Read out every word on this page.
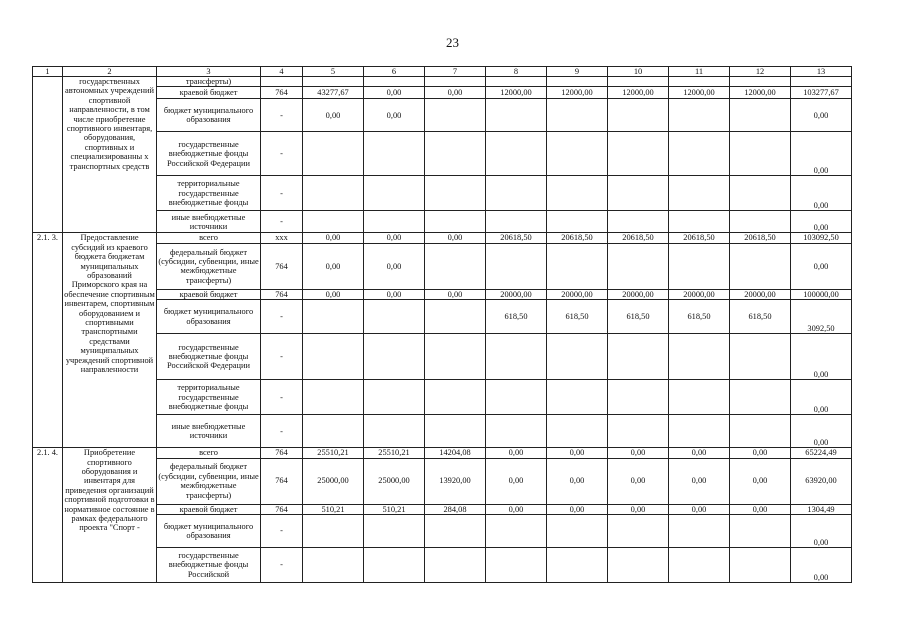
23
1	2	3	4	5	6	7	8	9	10	11	12	13
	государственных автономных учреждений спортивной направленности, в том числе приобретение спортивного инвентаря, оборудования, спортивных и специализированны х транспортных средств	трансферты)										
		краевой бюджет	764	43277,67	0,00	0,00	12000,00	12000,00	12000,00	12000,00	12000,00	103277,67
		бюджет муниципального образования	-	0,00	0,00							0,00
		государственные внебюджетные фонды Российской Федерации	-									0,00
		территориальные государственные внебюджетные фонды	-									0,00
		иные внебюджетные источники	-									0,00
2.1. 3.	Предоставление субсидий из краевого бюджета бюджетам муниципальных образований Приморского края на обеспечение спортивным инвентарем, спортивным оборудованием и спортивными транспортными средствами муниципальных учреждений спортивной направленности	всего	xxx	0,00	0,00	0,00	20618,50	20618,50	20618,50	20618,50	20618,50	103092,50
		федеральный бюджет (субсидии, субвенции, иные межбюджетные трансферты)	764	0,00	0,00							0,00
		краевой бюджет	764	0,00	0,00	0,00	20000,00	20000,00	20000,00	20000,00	20000,00	100000,00
		бюджет муниципального образования	-				618,50	618,50	618,50	618,50	618,50	3092,50
		государственные внебюджетные фонды Российской Федерации	-									0,00
		территориальные государственные внебюджетные фонды	-									0,00
		иные внебюджетные источники	-									0,00
2.1. 4.	Приобретение спортивного оборудования и инвентаря для приведения организаций спортивной подготовки в нормативное состояние в рамках федерального проекта "Спорт -	всего	764	25510,21	25510,21	14204,08	0,00	0,00	0,00	0,00	0,00	65224,49
		федеральный бюджет (субсидии, субвенции, иные межбюджетные трансферты)	764	25000,00	25000,00	13920,00	0,00	0,00	0,00	0,00	0,00	63920,00
		краевой бюджет	764	510,21	510,21	284,08	0,00	0,00	0,00	0,00	0,00	1304,49
		бюджет муниципального образования	-									0,00
		государственные внебюджетные фонды Российской	-									0,00
